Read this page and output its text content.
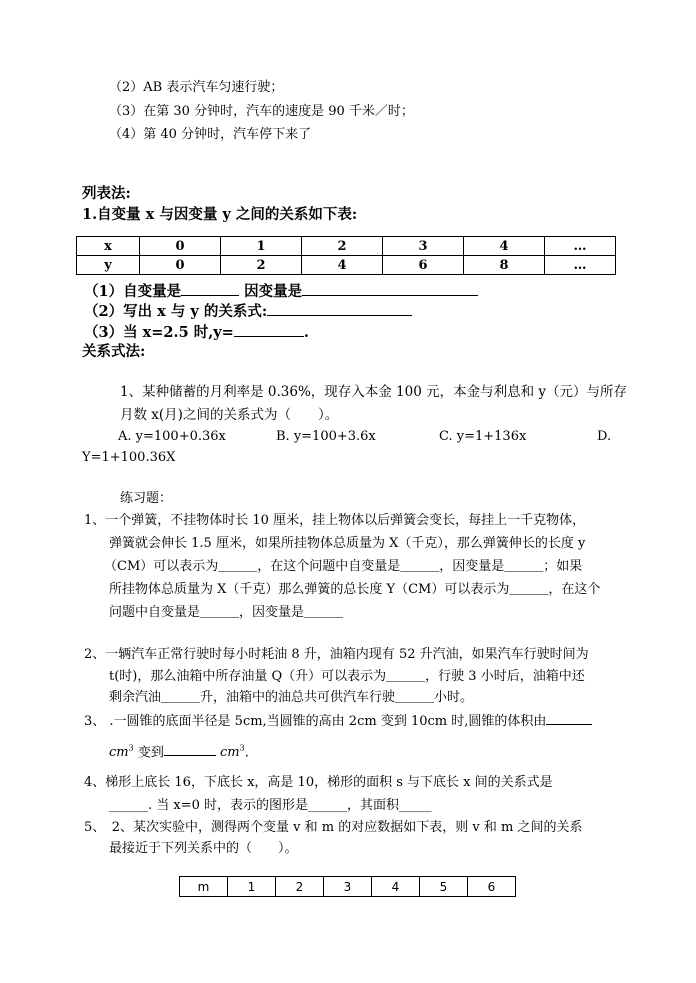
（2）AB 表示汽车匀速行驶；
（3）在第 30 分钟时，汽车的速度是 90 千米／时；
（4）第 40 分钟时，汽车停下来了
列表法:
1.自变量 x 与因变量 y 之间的关系如下表:
x	0	1	2	3	4	…
y	0	2	4	6	8	…
（1）自变量是	因变量是
（2）写出 x 与 y 的关系式:
（3）当 x=2.5 时,y=	.
关系式法:
1、某种储蓄的月利率是 0.36%，现存入本金 100 元，本金与利息和 y（元）与所存
月数 x(月)之间的关系式为（　　）。
A. y=100+0.36x	B. y=100+3.6x	C. y=1+136x	D.
Y=1+100.36X
练习题：
1、一个弹簧，不挂物体时长 10 厘米，挂上物体以后弹簧会变长，每挂上一千克物体，
弹簧就会伸长 1.5 厘米，如果所挂物体总质量为 X（千克），那么弹簧伸长的长度 y
（CM）可以表示为＿＿＿，在这个问题中自变量是＿＿＿，因变量是＿＿＿；如果
所挂物体总质量为 X（千克）那么弹簧的总长度 Y（CM）可以表示为＿＿＿，在这个
问题中自变量是＿＿＿，因变量是＿＿＿
2、一辆汽车正常行驶时每小时耗油 8 升，油箱内现有 52 升汽油，如果汽车行驶时间为
t(时)，那么油箱中所存油量 Q（升）可以表示为＿＿＿，行驶 3 小时后，油箱中还
剩余汽油＿＿＿升，油箱中的油总共可供汽车行驶＿＿＿小时。
3、 .一圆锥的底面半径是 5cm,当圆锥的高由 2cm 变到 10cm 时,圆锥的体积由
$cm^3$ 变到	$cm^3$.
4、梯形上底长 16，下底长 x，高是 10，梯形的面积 s 与下底长 x 间的关系式是
______. 当 x=0 时，表示的图形是______，其面积_____
5、　2、某次实验中，测得两个变量 v 和 m 的对应数据如下表，则 v 和 m 之间的关系
最接近于下列关系中的（　　）。
m	1	2	3	4	5	6
